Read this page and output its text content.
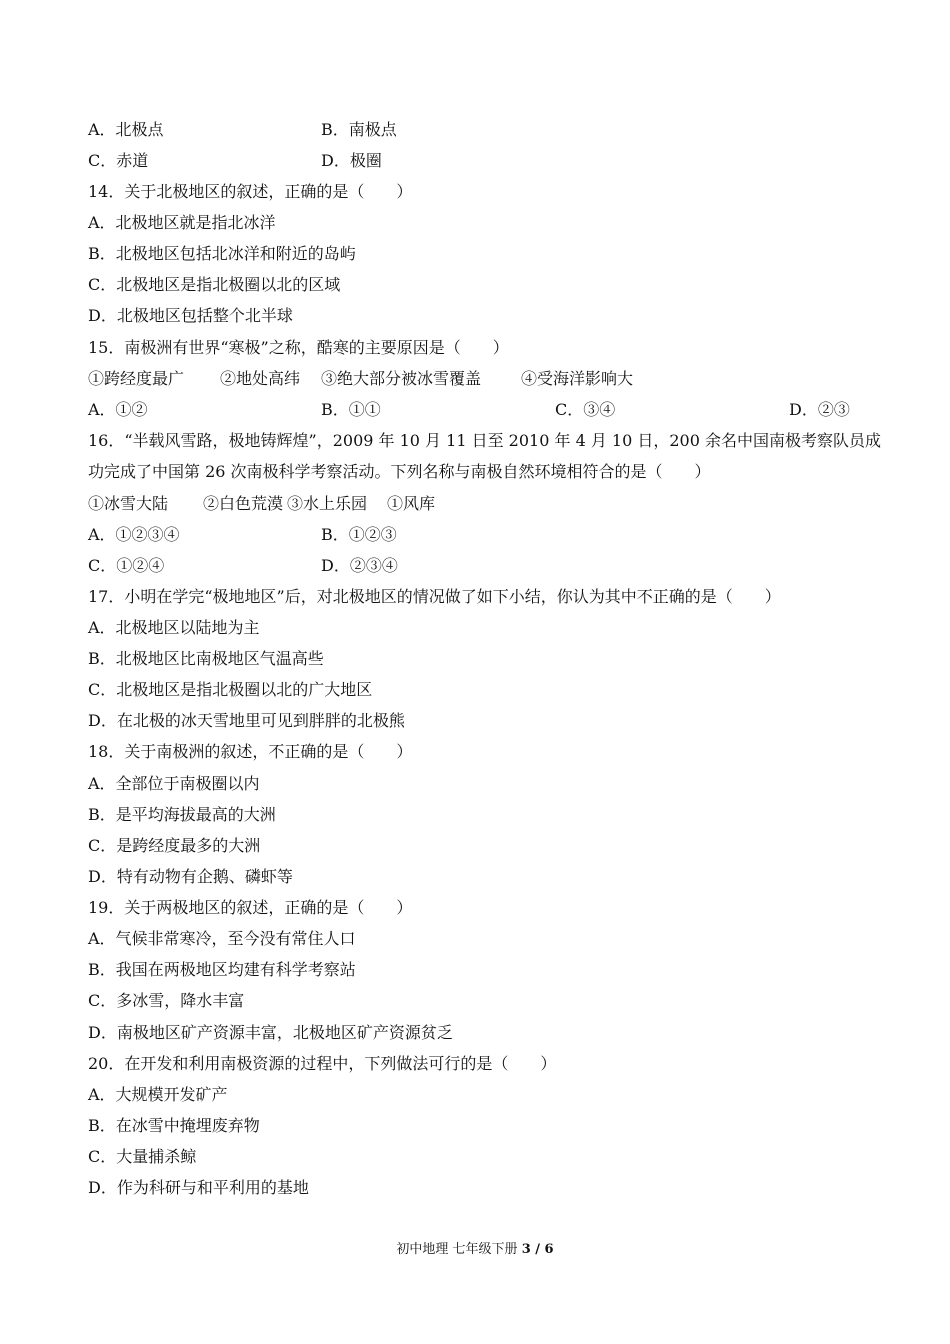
A．北极点	B．南极点
C．赤道	D．极圈
14．关于北极地区的叙述，正确的是（　　）
A．北极地区就是指北冰洋
B．北极地区包括北冰洋和附近的岛屿
C．北极地区是指北极圈以北的区域
D．北极地区包括整个北半球
15．南极洲有世界“寒极”之称，酷寒的主要原因是（　　）
①跨经度最广 ②地处高纬 ③绝大部分被冰雪覆盖 ④受海洋影响大
A．①②	B．①①	C．③④	D．②③
16．“半载风雪路，极地铸辉煌”，2009 年 10 月 11 日至 2010 年 4 月 10 日，200 余名中国南极考察队员成
功完成了中国第 26 次南极科学考察活动。下列名称与南极自然环境相符合的是（　　）
①冰雪大陆 ②白色荒漠 ③水上乐园 ①风库
A．①②③④	B．①②③
C．①②④	D．②③④
17．小明在学完“极地地区”后，对北极地区的情况做了如下小结，你认为其中不正确的是（　　）
A．北极地区以陆地为主
B．北极地区比南极地区气温高些
C．北极地区是指北极圈以北的广大地区
D．在北极的冰天雪地里可见到胖胖的北极熊
18．关于南极洲的叙述，不正确的是（　　）
A．全部位于南极圈以内
B．是平均海拔最高的大洲
C．是跨经度最多的大洲
D．特有动物有企鹅、磷虾等
19．关于两极地区的叙述，正确的是（　　）
A．气候非常寒冷，至今没有常住人口
B．我国在两极地区均建有科学考察站
C．多冰雪，降水丰富
D．南极地区矿产资源丰富，北极地区矿产资源贫乏
20．在开发和利用南极资源的过程中，下列做法可行的是（　　）
A．大规模开发矿产
B．在冰雪中掩埋废弃物
C．大量捕杀鲸
D．作为科研与和平利用的基地
初中地理 七年级下册 3 / 6
